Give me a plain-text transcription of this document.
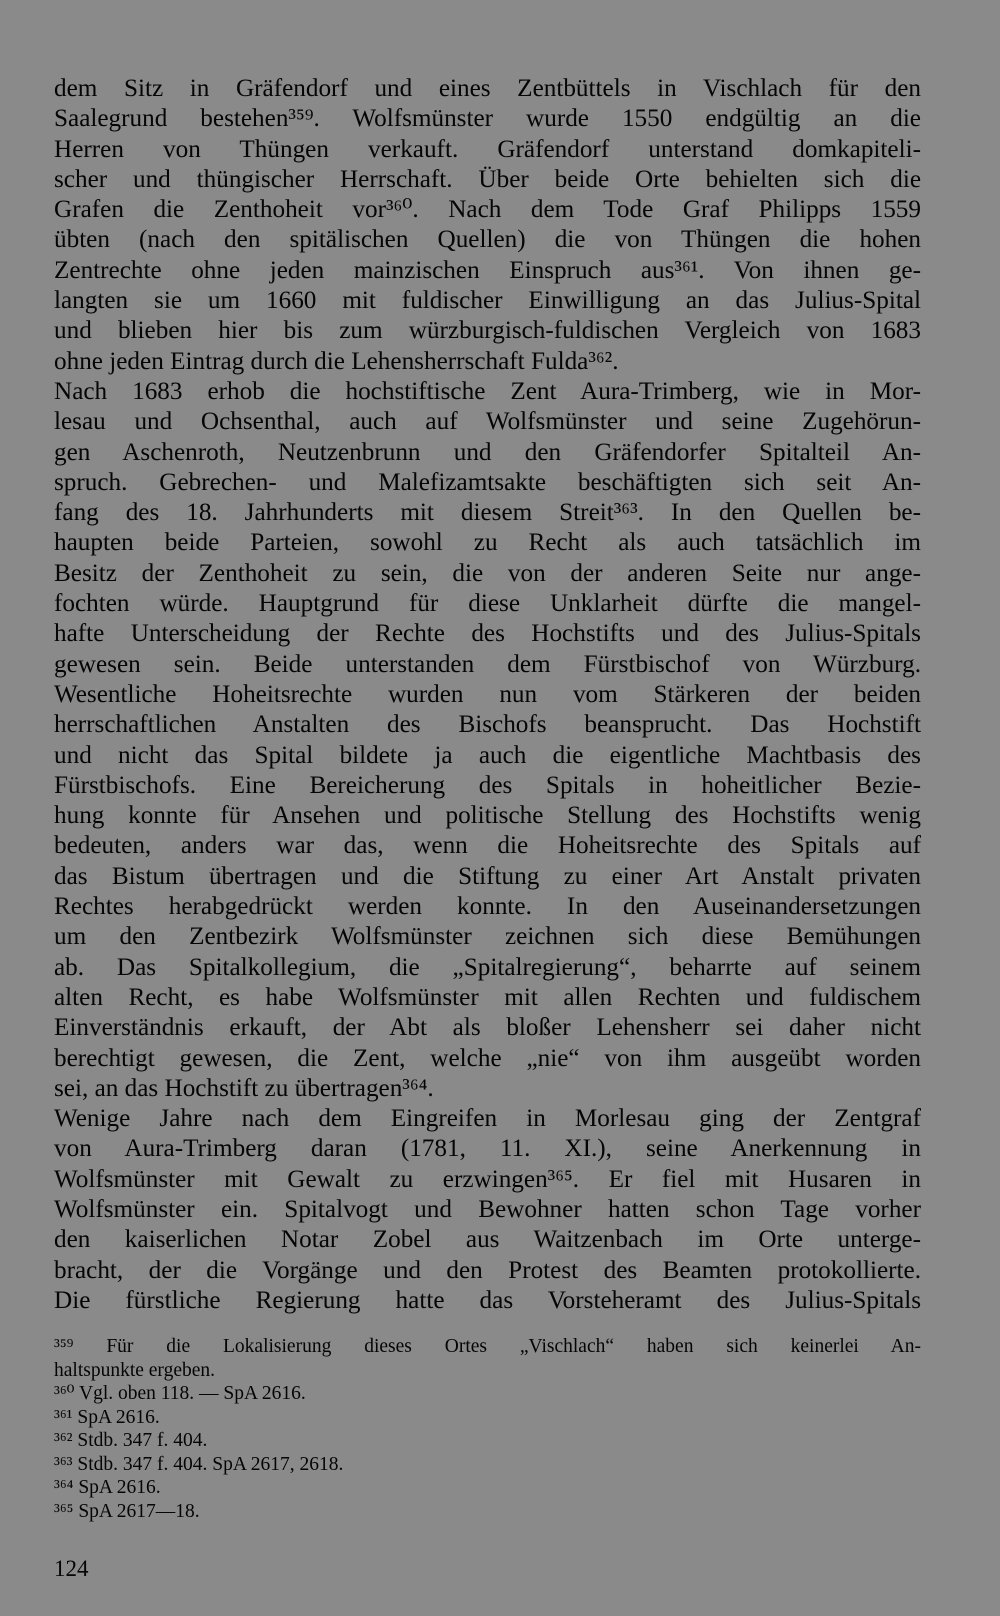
dem Sitz in Gräfendorf und eines Zentbüttels in Vischlach für den
Saalegrund bestehen³⁵⁹. Wolfsmünster wurde 1550 endgültig an die
Herren von Thüngen verkauft. Gräfendorf unterstand domkapiteli-
scher und thüngischer Herrschaft. Über beide Orte behielten sich die
Grafen die Zenthoheit vor³⁶⁰. Nach dem Tode Graf Philipps 1559
übten (nach den spitälischen Quellen) die von Thüngen die hohen
Zentrechte ohne jeden mainzischen Einspruch aus³⁶¹. Von ihnen ge-
langten sie um 1660 mit fuldischer Einwilligung an das Julius-Spital
und blieben hier bis zum würzburgisch-fuldischen Vergleich von 1683
ohne jeden Eintrag durch die Lehensherrschaft Fulda³⁶².
Nach 1683 erhob die hochstiftische Zent Aura-Trimberg, wie in Mor-
lesau und Ochsenthal, auch auf Wolfsmünster und seine Zugehörun-
gen Aschenroth, Neutzenbrunn und den Gräfendorfer Spitalteil An-
spruch. Gebrechen- und Malefizamtsakte beschäftigten sich seit An-
fang des 18. Jahrhunderts mit diesem Streit³⁶³. In den Quellen be-
haupten beide Parteien, sowohl zu Recht als auch tatsächlich im
Besitz der Zenthoheit zu sein, die von der anderen Seite nur ange-
fochten würde. Hauptgrund für diese Unklarheit dürfte die mangel-
hafte Unterscheidung der Rechte des Hochstifts und des Julius-Spitals
gewesen sein. Beide unterstanden dem Fürstbischof von Würzburg.
Wesentliche Hoheitsrechte wurden nun vom Stärkeren der beiden
herrschaftlichen Anstalten des Bischofs beansprucht. Das Hochstift
und nicht das Spital bildete ja auch die eigentliche Machtbasis des
Fürstbischofs. Eine Bereicherung des Spitals in hoheitlicher Bezie-
hung konnte für Ansehen und politische Stellung des Hochstifts wenig
bedeuten, anders war das, wenn die Hoheitsrechte des Spitals auf
das Bistum übertragen und die Stiftung zu einer Art Anstalt privaten
Rechtes herabgedrückt werden konnte. In den Auseinandersetzungen
um den Zentbezirk Wolfsmünster zeichnen sich diese Bemühungen
ab. Das Spitalkollegium, die „Spitalregierung“, beharrte auf seinem
alten Recht, es habe Wolfsmünster mit allen Rechten und fuldischem
Einverständnis erkauft, der Abt als bloßer Lehensherr sei daher nicht
berechtigt gewesen, die Zent, welche „nie“ von ihm ausgeübt worden
sei, an das Hochstift zu übertragen³⁶⁴.
Wenige Jahre nach dem Eingreifen in Morlesau ging der Zentgraf
von Aura-Trimberg daran (1781, 11. XI.), seine Anerkennung in
Wolfsmünster mit Gewalt zu erzwingen³⁶⁵. Er fiel mit Husaren in
Wolfsmünster ein. Spitalvogt und Bewohner hatten schon Tage vorher
den kaiserlichen Notar Zobel aus Waitzenbach im Orte unterge-
bracht, der die Vorgänge und den Protest des Beamten protokollierte.
Die fürstliche Regierung hatte das Vorsteheramt des Julius-Spitals
³⁵⁹ Für die Lokalisierung dieses Ortes „Vischlach“ haben sich keinerlei An-
haltspunkte ergeben.
³⁶⁰ Vgl. oben 118. — SpA 2616.
³⁶¹ SpA 2616.
³⁶² Stdb. 347 f. 404.
³⁶³ Stdb. 347 f. 404. SpA 2617, 2618.
³⁶⁴ SpA 2616.
³⁶⁵ SpA 2617—18.
124
